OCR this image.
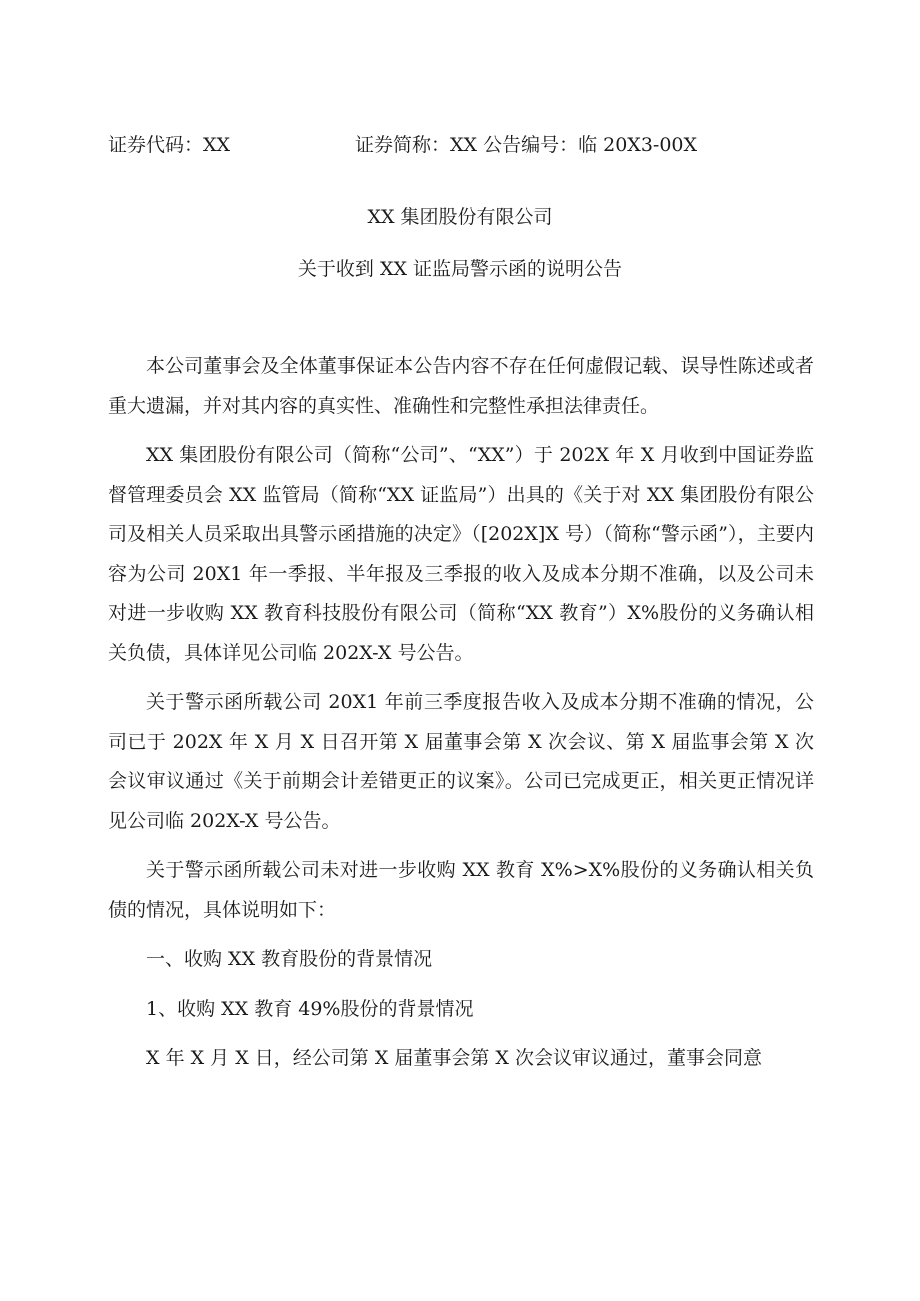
证券代码：XX	证券简称：XX 公告编号：临 20X3-00X
XX 集团股份有限公司
关于收到 XX 证监局警示函的说明公告

本公司董事会及全体董事保证本公告内容不存在任何虚假记载、误导性陈述或者重大遗漏，并对其内容的真实性、准确性和完整性承担法律责任。

XX 集团股份有限公司（简称“公司”、“XX”）于 202X 年 X 月收到中国证券监督管理委员会 XX 监管局（简称“XX 证监局”）出具的《关于对 XX 集团股份有限公司及相关人员采取出具警示函措施的决定》（[202X]X 号）（简称“警示函”），主要内容为公司 20X1 年一季报、半年报及三季报的收入及成本分期不准确，以及公司未对进一步收购 XX 教育科技股份有限公司（简称“XX 教育”）X%股份的义务确认相关负债，具体详见公司临 202X-X 号公告。

关于警示函所载公司 20X1 年前三季度报告收入及成本分期不准确的情况，公司已于 202X 年 X 月 X 日召开第 X 届董事会第 X 次会议、第 X 届监事会第 X 次会议审议通过《关于前期会计差错更正的议案》。公司已完成更正，相关更正情况详见公司临 202X-X 号公告。

关于警示函所载公司未对进一步收购 XX 教育 X%>X%股份的义务确认相关负债的情况，具体说明如下：

一、收购 XX 教育股份的背景情况

1、收购 XX 教育 49%股份的背景情况

X 年 X 月 X 日，经公司第 X 届董事会第 X 次会议审议通过，董事会同意
